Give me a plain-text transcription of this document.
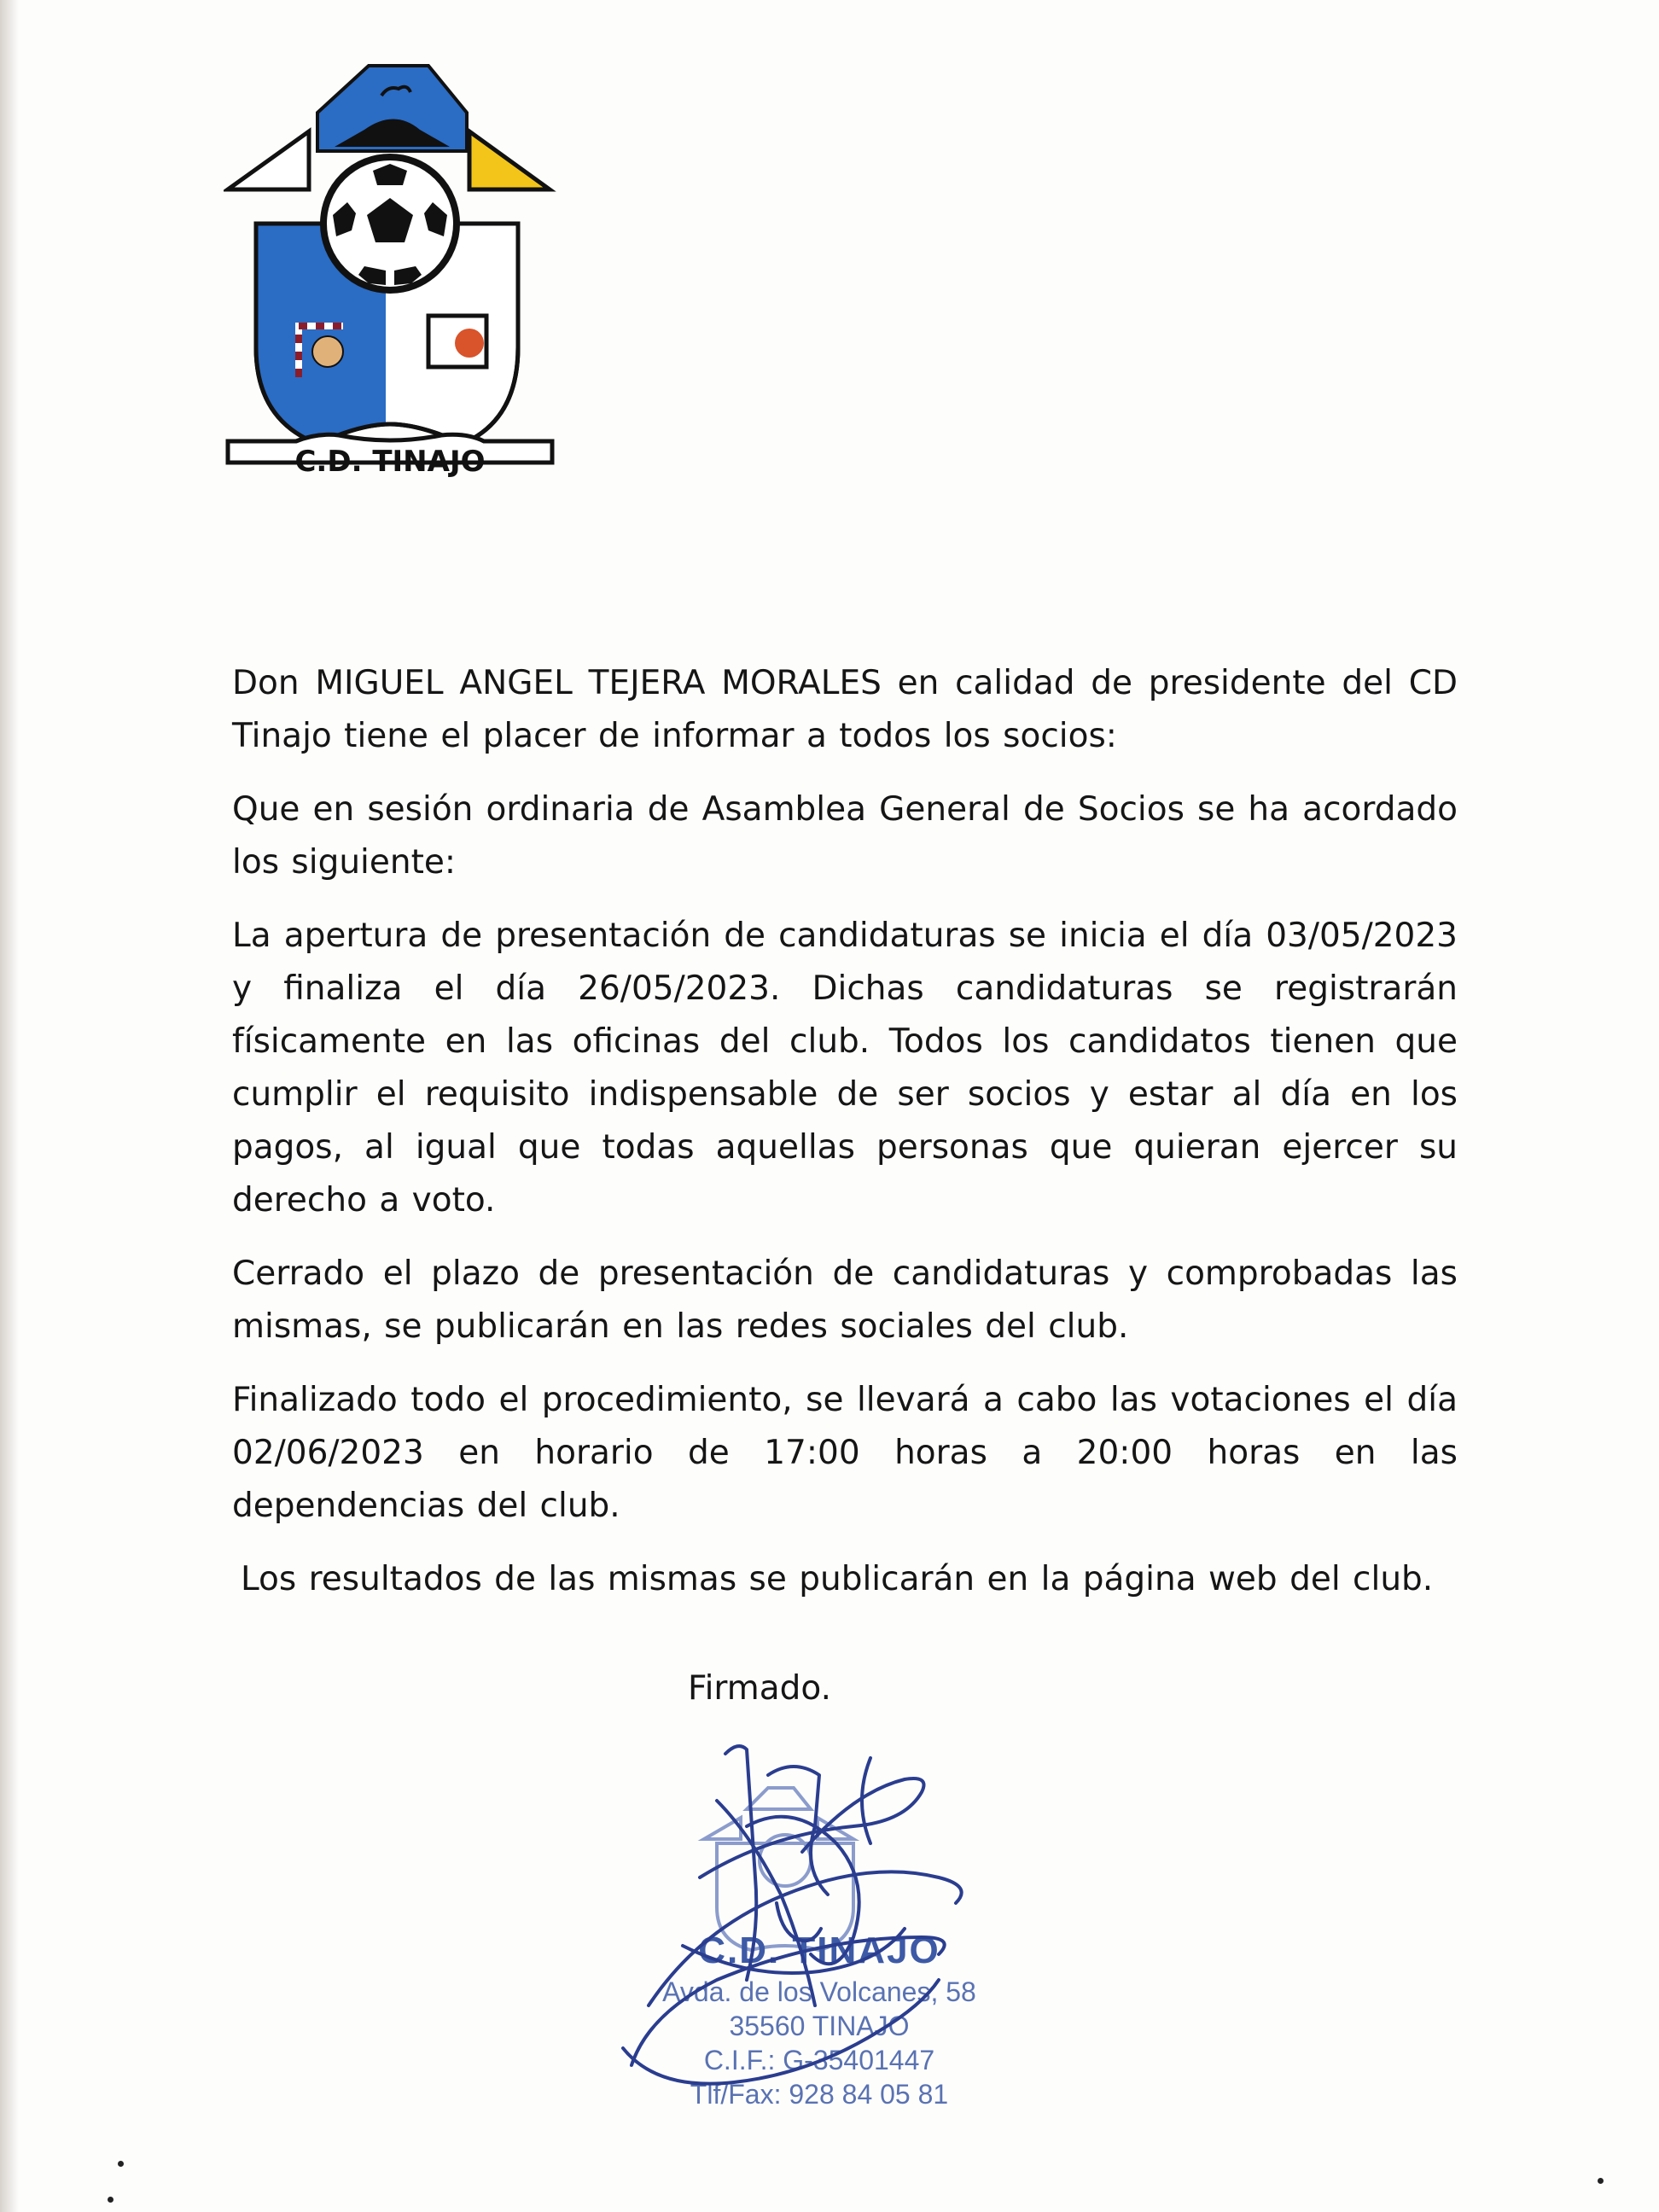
C.D. TINAJO

Don MIGUEL ANGEL TEJERA MORALES en calidad de presidente del CD Tinajo tiene el placer de informar a todos los socios:

Que en sesión ordinaria de Asamblea General de Socios se ha acordado los siguiente:

La apertura de presentación de candidaturas se inicia el día 03/05/2023 y finaliza el día 26/05/2023. Dichas candidaturas se registrarán físicamente en las oficinas del club. Todos los candidatos tienen que cumplir el requisito indispensable de ser socios y estar al día en los pagos, al igual que todas aquellas personas que quieran ejercer su derecho a voto.

Cerrado el plazo de presentación de candidaturas y comprobadas las mismas, se publicarán en las redes sociales del club.

Finalizado todo el procedimiento, se llevará a cabo las votaciones el día 02/06/2023 en horario de 17:00 horas a 20:00 horas en las dependencias del club.

Los resultados de las mismas se publicarán en la página web del club.

Firmado.
C.D. TINAJO
Avda. de los Volcanes, 58
35560 TINAJO
C.I.F.: G-35401447
Tlf/Fax: 928 84 05 81
